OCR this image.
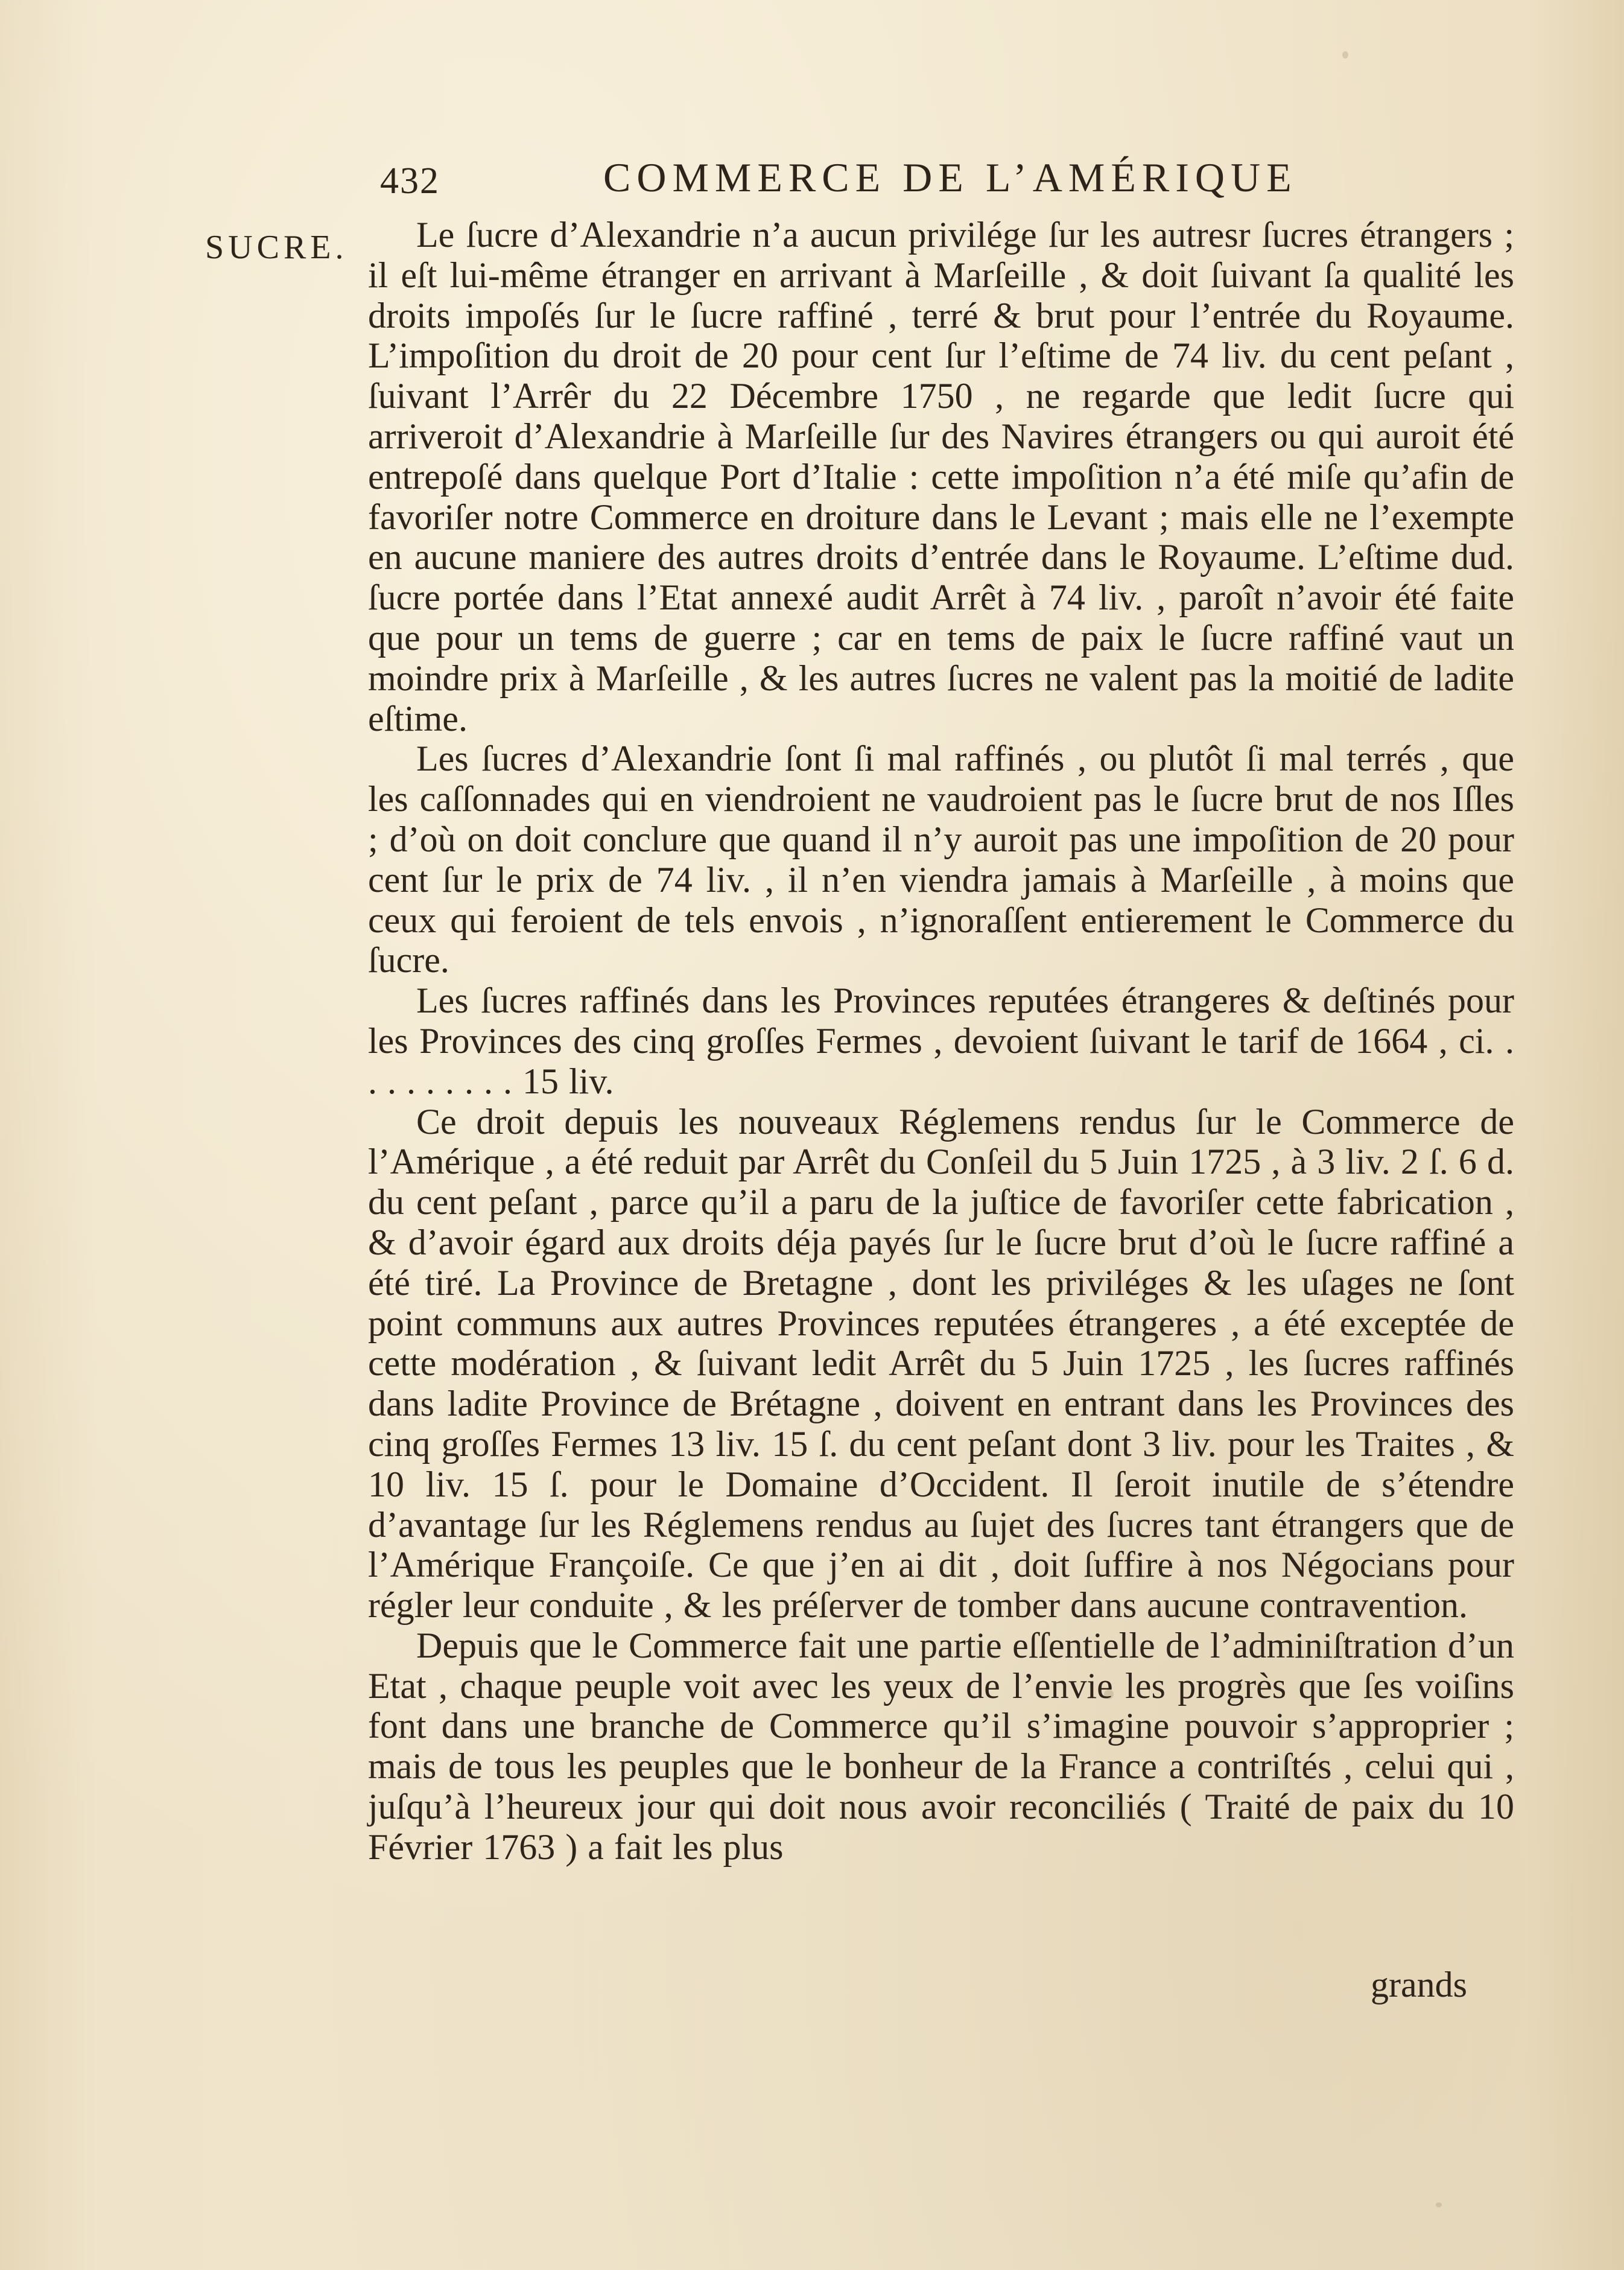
432	COMMERCE DE L’AMÉRIQUE
SUCRE.	Le ſucre d’Alexandrie n’a aucun privilége ſur les autresr ſucres étrangers ; il eſt lui-même étranger en arrivant à Marſeille , & doit ſuivant ſa qualité les droits impoſés ſur le ſucre raffiné , terré & brut pour l’entrée du Royaume. L’impoſition du droit de 20 pour cent ſur l’eſtime de 74 liv. du cent peſant , ſuivant l’Arrêr du 22 Décembre 1750 , ne regarde que ledit ſucre qui arriveroit d’Alexandrie à Marſeille ſur des Navires étrangers ou qui auroit été entrepoſé dans quelque Port d’Italie : cette impoſition n’a été miſe qu’afin de favoriſer notre Commerce en droiture dans le Levant ; mais elle ne l’exempte en aucune maniere des autres droits d’entrée dans le Royaume. L’eſtime dud. ſucre portée dans l’Etat annexé audit Arrêt à 74 liv. , paroît n’avoir été faite que pour un tems de guerre ; car en tems de paix le ſucre raffiné vaut un moindre prix à Marſeille , & les autres ſucres ne valent pas la moitié de ladite eſtime.

Les ſucres d’Alexandrie ſont ſi mal raffinés , ou plutôt ſi mal terrés , que les caſſonnades qui en viendroient ne vaudroient pas le ſucre brut de nos Iſles ; d’où on doit conclure que quand il n’y auroit pas une impoſition de 20 pour cent ſur le prix de 74 liv. , il n’en viendra jamais à Marſeille , à moins que ceux qui feroient de tels envois , n’ignoraſſent entierement le Commerce du ſucre.

Les ſucres raffinés dans les Provinces reputées étrangeres & deſtinés pour les Provinces des cinq groſſes Fermes , devoient ſuivant le tarif de 1664 , ci. . . . . . . . . . 15 liv.

Ce droit depuis les nouveaux Réglemens rendus ſur le Commerce de l’Amérique , a été reduit par Arrêt du Conſeil du 5 Juin 1725 , à 3 liv. 2 ſ. 6 d. du cent peſant , parce qu’il a paru de la juſtice de favoriſer cette fabrication , & d’avoir égard aux droits déja payés ſur le ſucre brut d’où le ſucre raffiné a été tiré. La Province de Bretagne , dont les priviléges & les uſages ne ſont point communs aux autres Provinces reputées étrangeres , a été exceptée de cette modération , & ſuivant ledit Arrêt du 5 Juin 1725 , les ſucres raffinés dans ladite Province de Brétagne , doivent en entrant dans les Provinces des cinq groſſes Fermes 13 liv. 15 ſ. du cent peſant dont 3 liv. pour les Traites , & 10 liv. 15 ſ. pour le Domaine d’Occident. Il ſeroit inutile de s’étendre d’avantage ſur les Réglemens rendus au ſujet des ſucres tant étrangers que de l’Amérique Françoiſe. Ce que j’en ai dit , doit ſuffire à nos Négocians pour régler leur conduite , & les préſerver de tomber dans aucune contravention.

Depuis que le Commerce fait une partie eſſentielle de l’adminiſtration d’un Etat , chaque peuple voit avec les yeux de l’envie les progrès que ſes voiſins font dans une branche de Commerce qu’il s’imagine pouvoir s’approprier ; mais de tous les peuples que le bonheur de la France a contriſtés , celui qui , juſqu’à l’heureux jour qui doit nous avoir reconciliés ( Traité de paix du 10 Février 1763 ) a fait les plus

grands
